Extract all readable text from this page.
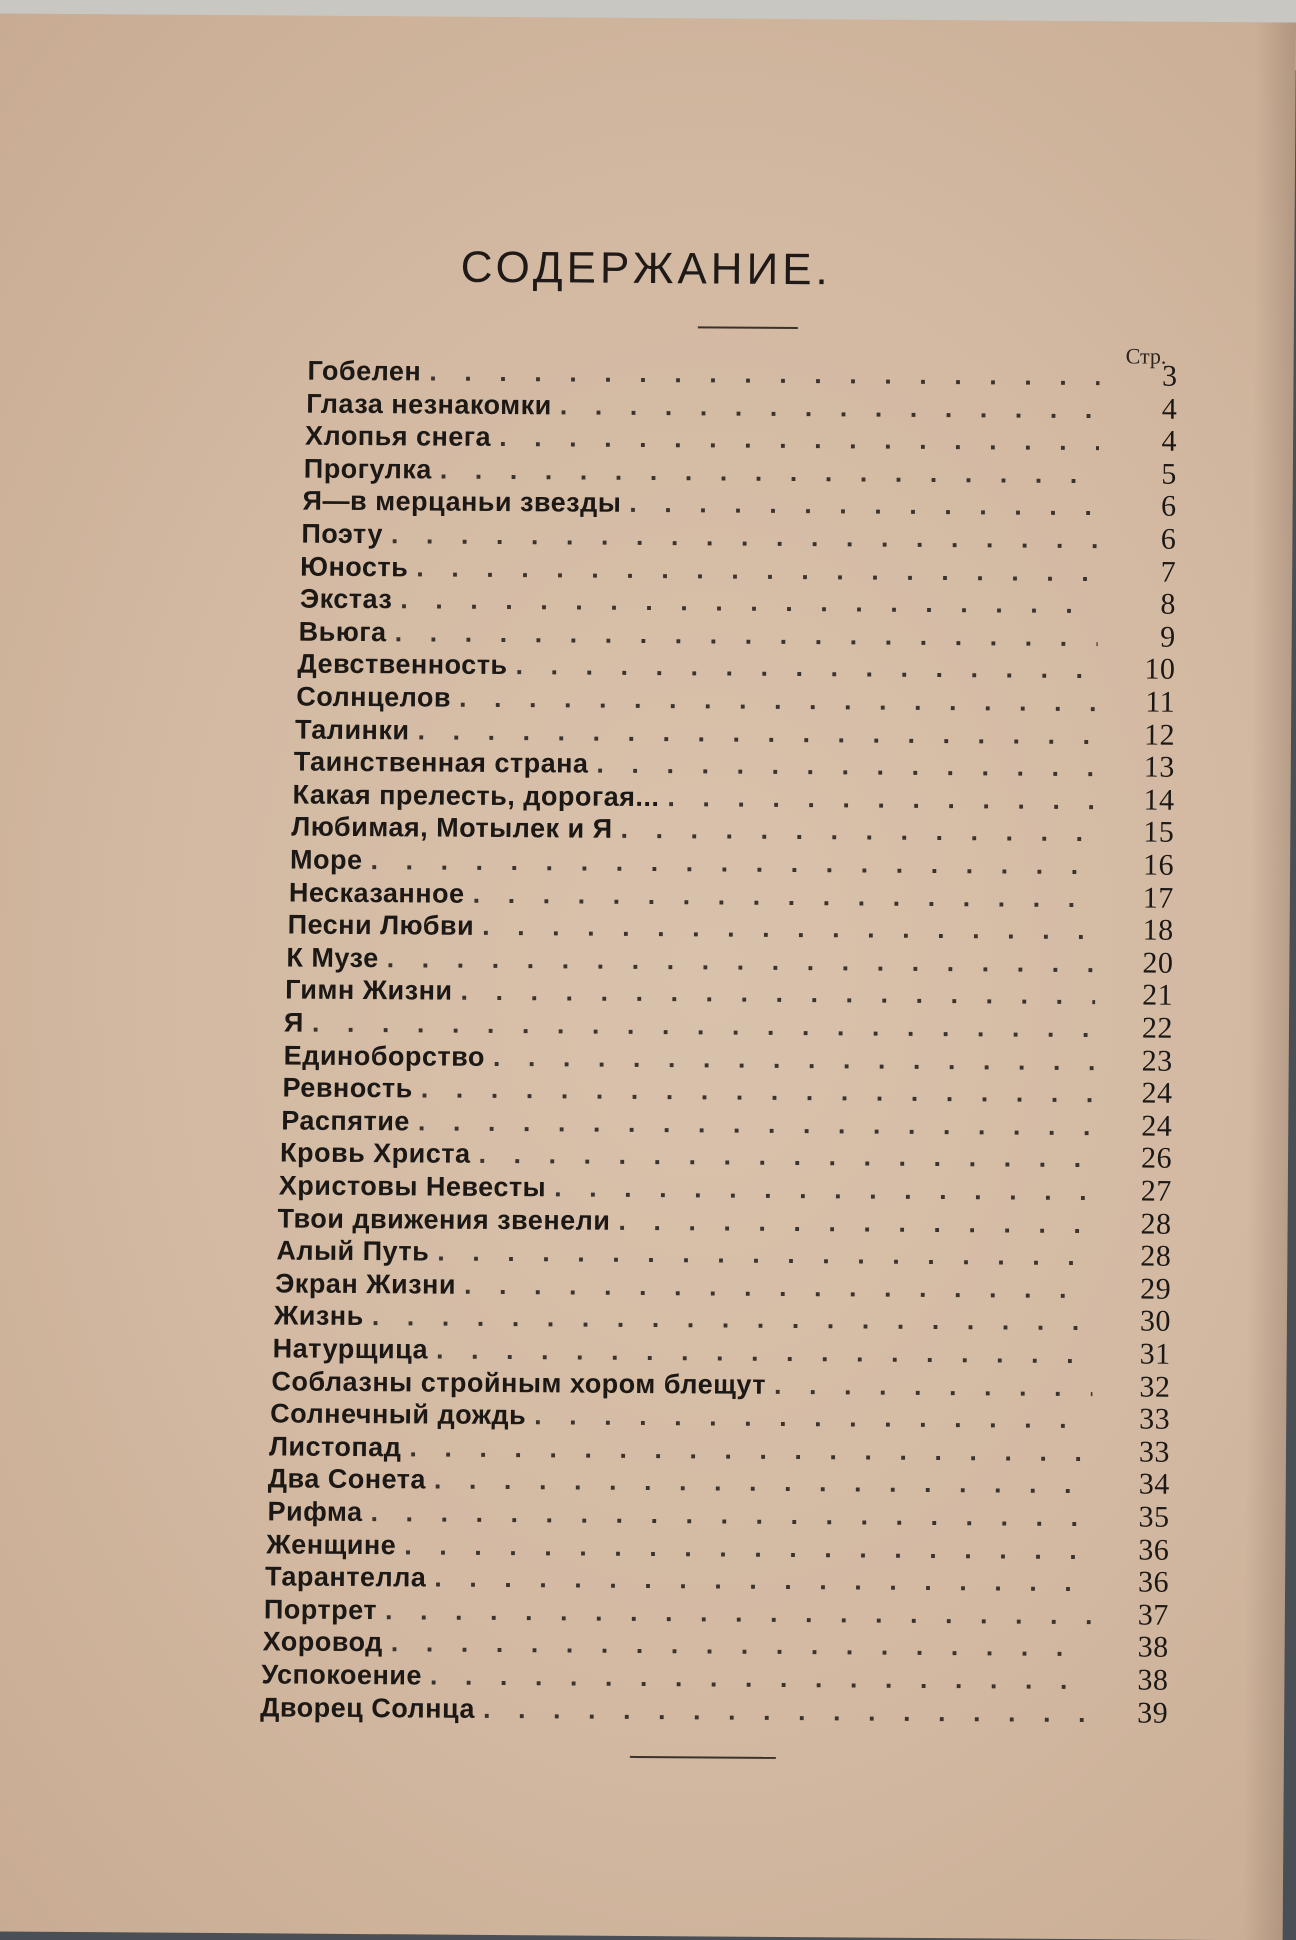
СОДЕРЖАНИЕ.
Стр.
Гобелен . . .	3
Глаза незнакомки . . .	4
Хлопья снега . . .	4
Прогулка . . .	5
Я—в мерцаньи звезды . . .	6
Поэту . . .	6
Юность . . .	7
Экстаз . . .	8
Вьюга . . .	9
Девственность . . .	10
Солнцелов . . .	11
Талинки . . .	12
Таинственная страна . . .	13
Какая прелесть, дорогая... . . .	14
Любимая, Мотылек и Я . . .	15
Море . . .	16
Несказанное . . .	17
Песни Любви . . .	18
К Музе . . .	20
Гимн Жизни . . .	21
Я . . .	22
Единоборство . . .	23
Ревность . . .	24
Распятие . . .	24
Кровь Христа . . .	26
Христовы Невесты . . .	27
Твои движения звенели . . .	28
Алый Путь . . .	28
Экран Жизни . . .	29
Жизнь . . .	30
Натурщица . . .	31
Соблазны стройным хором блещут . . .	32
Солнечный дождь . . .	33
Листопад . . .	33
Два Сонета . . .	34
Рифма . . .	35
Женщине . . .	36
Тарантелла . . .	36
Портрет . . .	37
Хоровод . . .	38
Успокоение . . .	38
Дворец Солнца . . .	39
